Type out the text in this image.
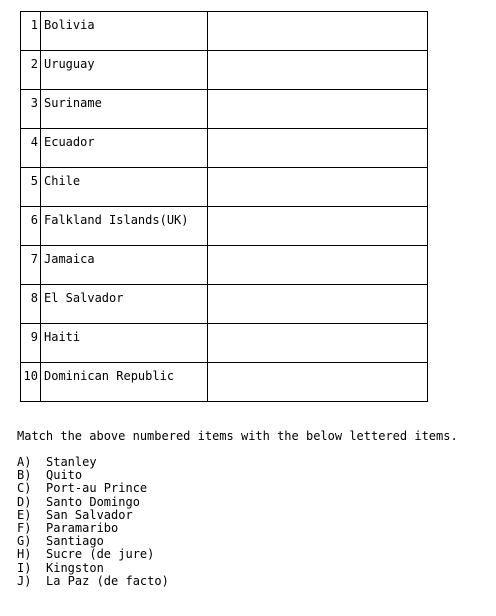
1	Bolivia	
2	Uruguay	
3	Suriname	
4	Ecuador	
5	Chile	
6	Falkland Islands(UK)	
7	Jamaica	
8	El Salvador	
9	Haiti	
10	Dominican Republic	

Match the above numbered items with the below lettered items.

A) Stanley
B) Quito
C) Port-au Prince
D) Santo Domingo
E) San Salvador
F) Paramaribo
G) Santiago
H) Sucre (de jure)
I) Kingston
J) La Paz (de facto)
